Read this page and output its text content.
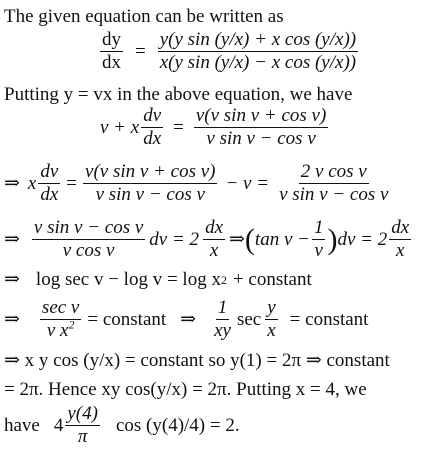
The given equation can be written as
$\frac{dy}{dx} = \frac{\text{y(y sin (y/x) + x cos (y/x))}}{\text{x(y sin (y/x) − x cos (y/x))}}$
Putting y = vx in the above equation, we have
v + x $\frac{dv}{dx} = \frac{\text{v(v sin v + cos v)}}{\text{v sin v − cos v}}$
⇒ x $\frac{dv}{dx} = \frac{\text{v(v sin v + cos v)}}{\text{v sin v − cos v}} - v = \frac{\text{2 v cos v}}{\text{v sin v − cos v}}$
⇒ $\frac{\text{v sin v − cos v}}{\text{v cos v}}$ dv = $2 \frac{dx}{x}$ ⇒ ( $\tan v - \frac{1}{v}$ ) dv = $2 \frac{dx}{x}$
⇒ log sec v − log v = log x 2 + constant
⇒ $\frac{\text{sec v}}{v x^2}$ = constant ⇒ $\frac{1}{xy}$ $\sec \frac{y}{x}$ = constant
⇒ x y cos (y/x) = constant so y(1) = 2π ⇒ constant
= 2π. Hence xy cos(y/x) = 2π. Putting x = 4, we
have $4 \frac{y(4)}{\pi}$ cos (y(4)/4) = 2.
